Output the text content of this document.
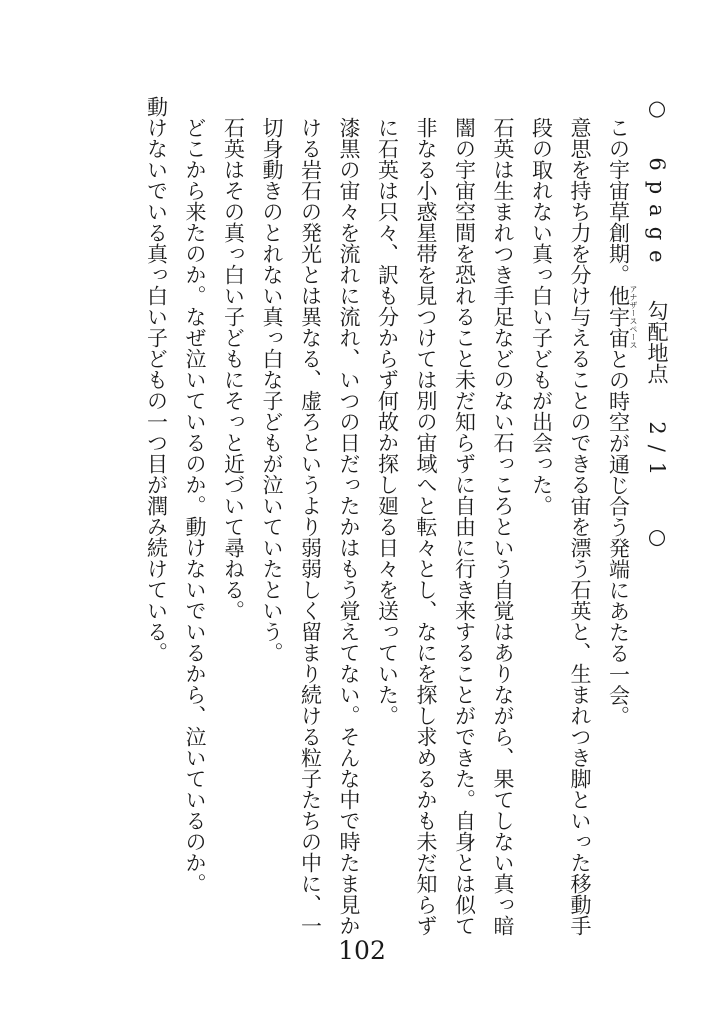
○  6page  勾配地点  2/1  ○

この宇宙草創期。他宇宙アナザースペースとの時空が通じ合う発端にあたる一会。

意思を持ち力を分け与えることのできる宙を漂う石英と、生まれつき脚といった移動手段の取れない真っ白い子どもが出会った。

石英は生まれつき手足などのない石っころという自覚はありながら、果てしない真っ暗闇の宇宙空間を恐れること未だ知らずに自由に行き来することができた。自身とは似て非なる小惑星帯を見つけては別の宙域へと転々とし、なにを探し求めるかも未だ知らずに石英は只々、訳も分からず何故か探し廻る日々を送っていた。

漆黒の宙々を流れに流れ、いつの日だったかはもう覚えてない。そんな中で時たま見かける岩石の発光とは異なる、虚ろというより弱弱しく留まり続ける粒子たちの中に、一切身動きのとれない真っ白な子どもが泣いていたという。

石英はその真っ白い子どもにそっと近づいて尋ねる。

どこから来たのか。なぜ泣いているのか。動けないでいるから、泣いているのか。

動けないでいる真っ白い子どもの一つ目が潤み続けている。

102
